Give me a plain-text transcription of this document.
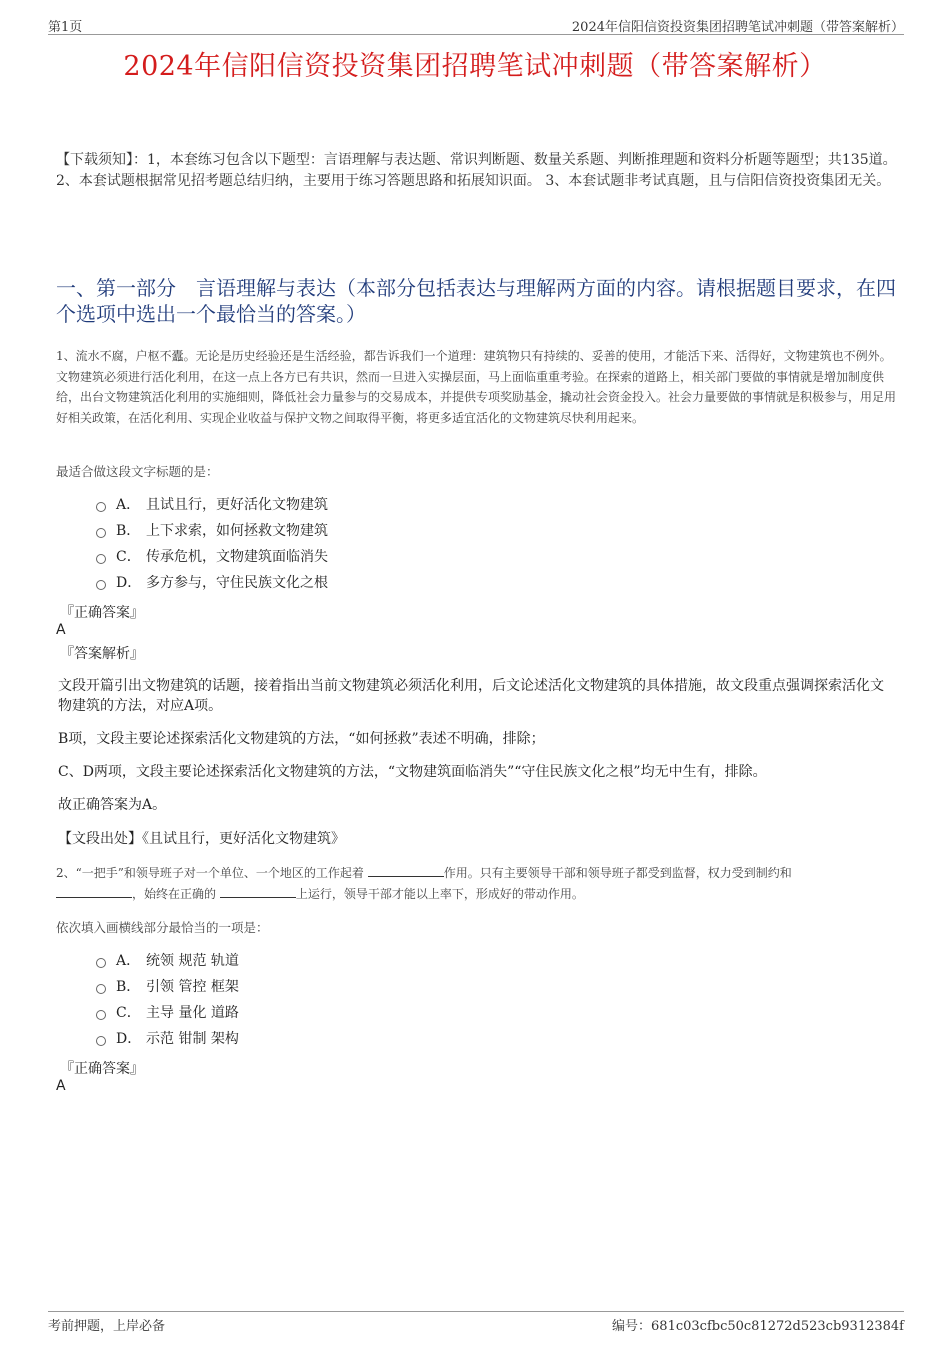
第1页	2024年信阳信资投资集团招聘笔试冲刺题（带答案解析）
2024年信阳信资投资集团招聘笔试冲刺题（带答案解析）
【下载须知】：1，本套练习包含以下题型：言语理解与表达题、常识判断题、数量关系题、判断推理题和资料分析题等题型；共135道。 2、本套试题根据常见招考题总结归纳，主要用于练习答题思路和拓展知识面。 3、本套试题非考试真题，且与信阳信资投资集团无关。
一、第一部分　言语理解与表达（本部分包括表达与理解两方面的内容。请根据题目要求，在四个选项中选出一个最恰当的答案。）
1、流水不腐，户枢不蠹。无论是历史经验还是生活经验，都告诉我们一个道理：建筑物只有持续的、妥善的使用，才能活下来、活得好，文物建筑也不例外。文物建筑必须进行活化利用，在这一点上各方已有共识，然而一旦进入实操层面，马上面临重重考验。在探索的道路上，相关部门要做的事情就是增加制度供给，出台文物建筑活化利用的实施细则，降低社会力量参与的交易成本，并提供专项奖励基金，撬动社会资金投入。社会力量要做的事情就是积极参与，用足用好相关政策，在活化利用、实现企业收益与保护文物之间取得平衡，将更多适宜活化的文物建筑尽快利用起来。
最适合做这段文字标题的是：
A． 且试且行，更好活化文物建筑
B． 上下求索，如何拯救文物建筑
C． 传承危机，文物建筑面临消失
D． 多方参与，守住民族文化之根
『正确答案』
A
『答案解析』
文段开篇引出文物建筑的话题，接着指出当前文物建筑必须活化利用，后文论述活化文物建筑的具体措施，故文段重点强调探索活化文物建筑的方法，对应A项。
B项，文段主要论述探索活化文物建筑的方法，“如何拯救”表述不明确，排除；
C、D两项，文段主要论述探索活化文物建筑的方法，“文物建筑面临消失”“守住民族文化之根”均无中生有，排除。
故正确答案为A。
【文段出处】《且试且行，更好活化文物建筑》
2、“一把手”和领导班子对一个单位、一个地区的工作起着	作用。只有主要领导干部和领导班子都受到监督，权力受到制约和
，始终在正确的	上运行，领导干部才能以上率下，形成好的带动作用。
依次填入画横线部分最恰当的一项是：
A． 统领 规范 轨道
B． 引领 管控 框架
C． 主导 量化 道路
D． 示范 钳制 架构
『正确答案』
A
考前押题，上岸必备	编号：681c03cfbc50c81272d523cb9312384f
